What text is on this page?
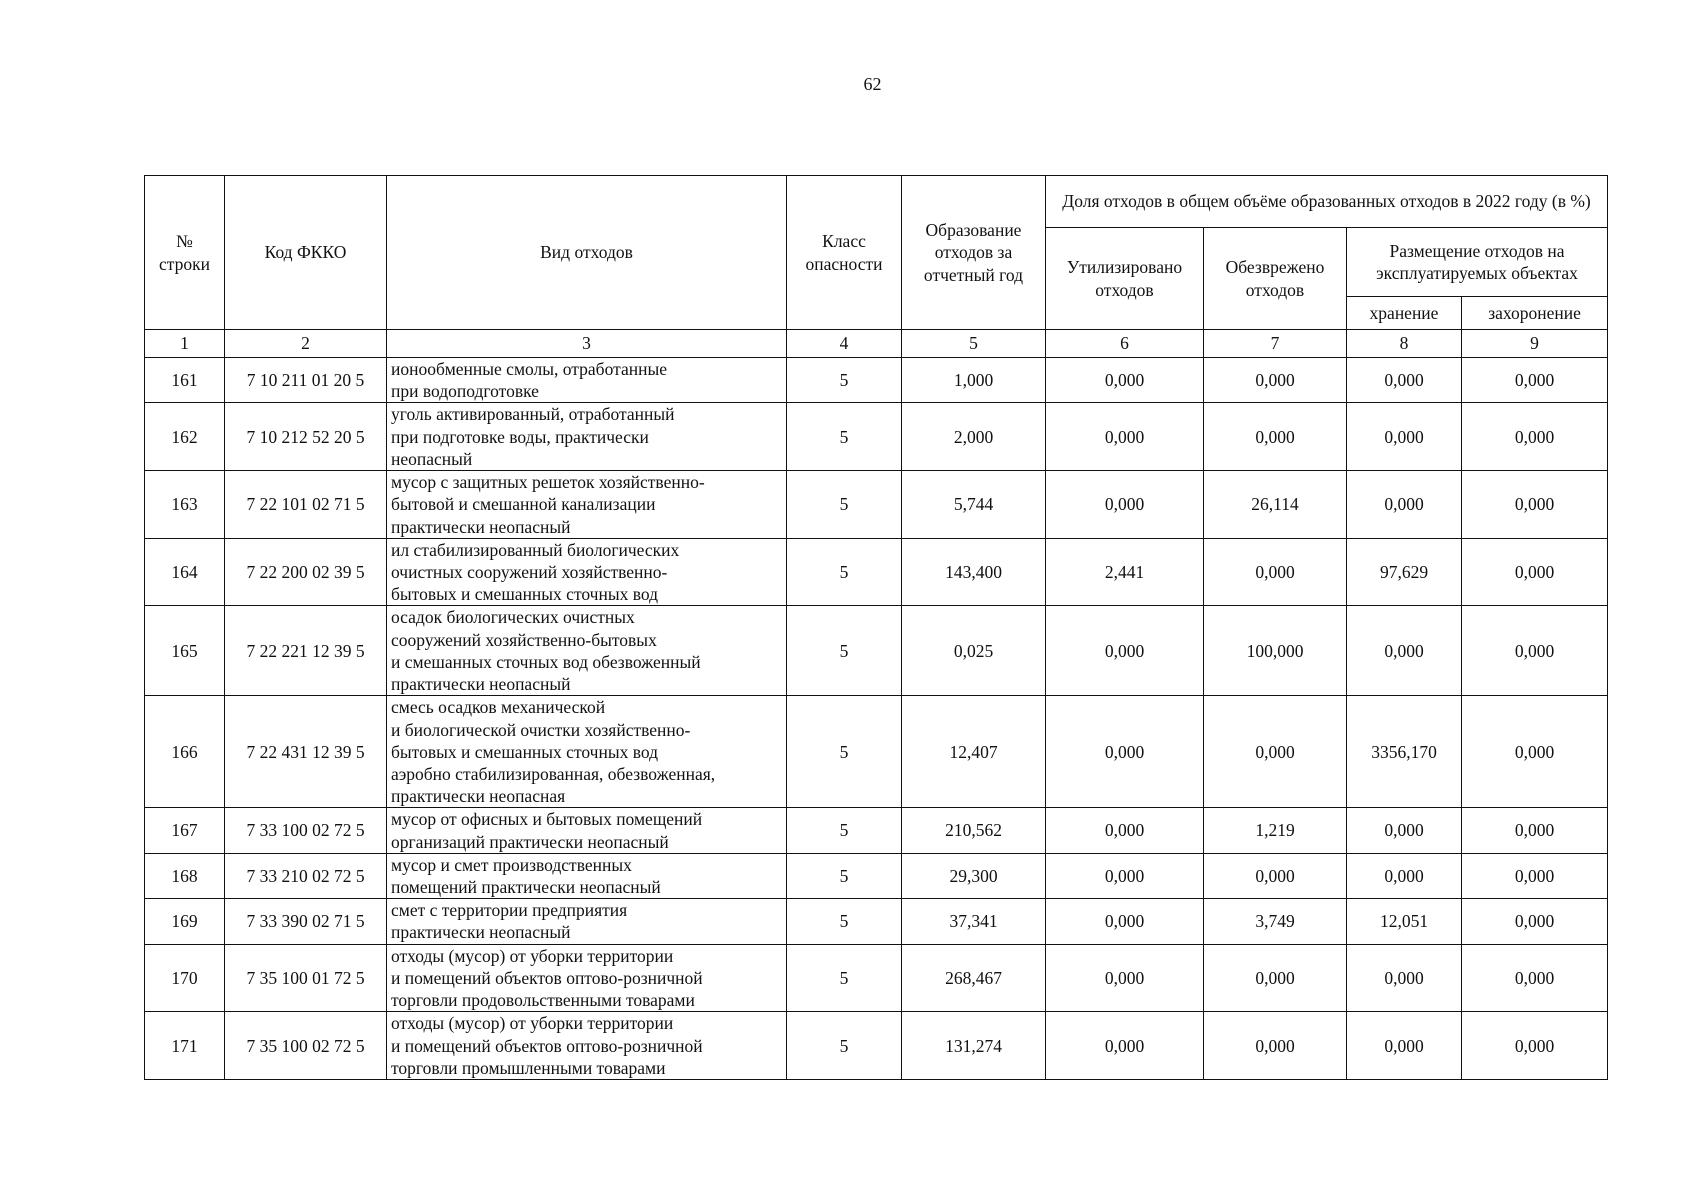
62
№ строки	Код ФККО	Вид отходов	Класс опасности	Образование отходов за отчетный год	Доля отходов в общем объёме образованных отходов в 2022 году (в %)			
					Утилизировано отходов	Обезврежено отходов	Размещение отходов на эксплуатируемых объектах	
							хранение	захоронение
1	2	3	4	5	6	7	8	9
161	7 10 211 01 20 5	ионообменные смолы, отработанные
при водоподготовке	5	1,000	0,000	0,000	0,000	0,000
162	7 10 212 52 20 5	уголь активированный, отработанный
при подготовке воды, практически
неопасный	5	2,000	0,000	0,000	0,000	0,000
163	7 22 101 02 71 5	мусор с защитных решеток хозяйственно-
бытовой и смешанной канализации
практически неопасный	5	5,744	0,000	26,114	0,000	0,000
164	7 22 200 02 39 5	ил стабилизированный биологических
очистных сооружений хозяйственно-
бытовых и смешанных сточных вод	5	143,400	2,441	0,000	97,629	0,000
165	7 22 221 12 39 5	осадок биологических очистных
сооружений хозяйственно-бытовых
и смешанных сточных вод обезвоженный
практически неопасный	5	0,025	0,000	100,000	0,000	0,000
166	7 22 431 12 39 5	смесь осадков механической
и биологической очистки хозяйственно-
бытовых и смешанных сточных вод
аэробно стабилизированная, обезвоженная,
практически неопасная	5	12,407	0,000	0,000	3356,170	0,000
167	7 33 100 02 72 5	мусор от офисных и бытовых помещений
организаций практически неопасный	5	210,562	0,000	1,219	0,000	0,000
168	7 33 210 02 72 5	мусор и смет производственных
помещений практически неопасный	5	29,300	0,000	0,000	0,000	0,000
169	7 33 390 02 71 5	смет с территории предприятия
практически неопасный	5	37,341	0,000	3,749	12,051	0,000
170	7 35 100 01 72 5	отходы (мусор) от уборки территории
и помещений объектов оптово-розничной
торговли продовольственными товарами	5	268,467	0,000	0,000	0,000	0,000
171	7 35 100 02 72 5	отходы (мусор) от уборки территории
и помещений объектов оптово-розничной
торговли промышленными товарами	5	131,274	0,000	0,000	0,000	0,000
